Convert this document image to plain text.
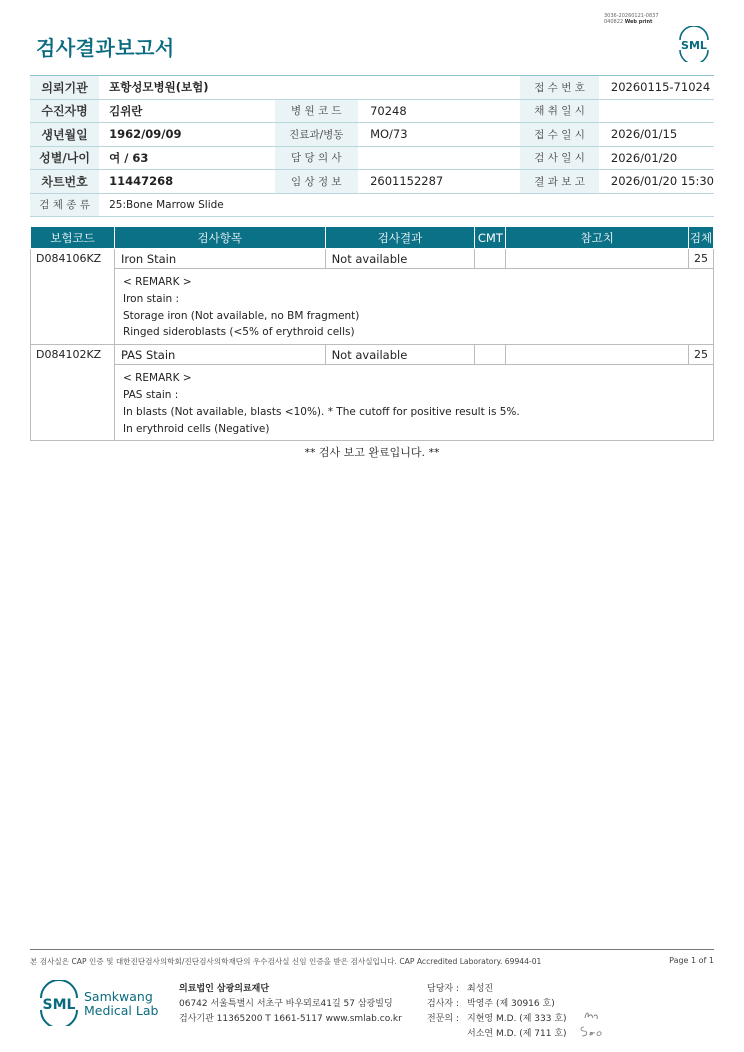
3036-20260121-0837
040822 Web print
검사결과보고서	SML
의뢰기관	포항성모병원(보험)			접 수 번 호	20260115-71024
수진자명	김위란	병 원 코 드	70248	채 취 일 시	
생년월일	1962/09/09	진료과/병동	MO/73	접 수 일 시	2026/01/15
성별/나이	여 / 63	담 당 의 사		검 사 일 시	2026/01/20
차트번호	11447268	임 상 정 보	2601152287	결 과 보 고	2026/01/20 15:30
검 체 종 류	25:Bone Marrow Slide				
보험코드	검사항목	검사결과	CMT	참고치	검체
D084106KZ	Iron Stain	Not available			25

	< REMARK >
Iron stain :
Storage iron (Not available, no BM fragment)
Ringed sideroblasts (<5% of erythroid cells)				

D084102KZ	PAS Stain	Not available			25

	< REMARK >
PAS stain :
In blasts (Not available, blasts <10%). * The cutoff for positive result is 5%.
In erythroid cells (Negative)				
** 검사 보고 완료입니다. **
본 검사실은 CAP 인증 및 대한진단검사의학회/진단검사의학재단의 우수검사실 신임 인증을 받은 검사실입니다. CAP Accredited Laboratory. 69944-01	Page 1 of 1
SML
Samkwang
Medical Lab
의료법인 삼광의료재단
06742 서울특별시 서초구 바우뫼로41길 57 삼광빌딩
검사기관 11365200 T 1661-5117 www.smlab.co.kr
담당자 : 최성진
검사자 : 박영주 (제 30916 호)
전문의 : 지현영 M.D. (제 333 호)
서소연 M.D. (제 711 호)
